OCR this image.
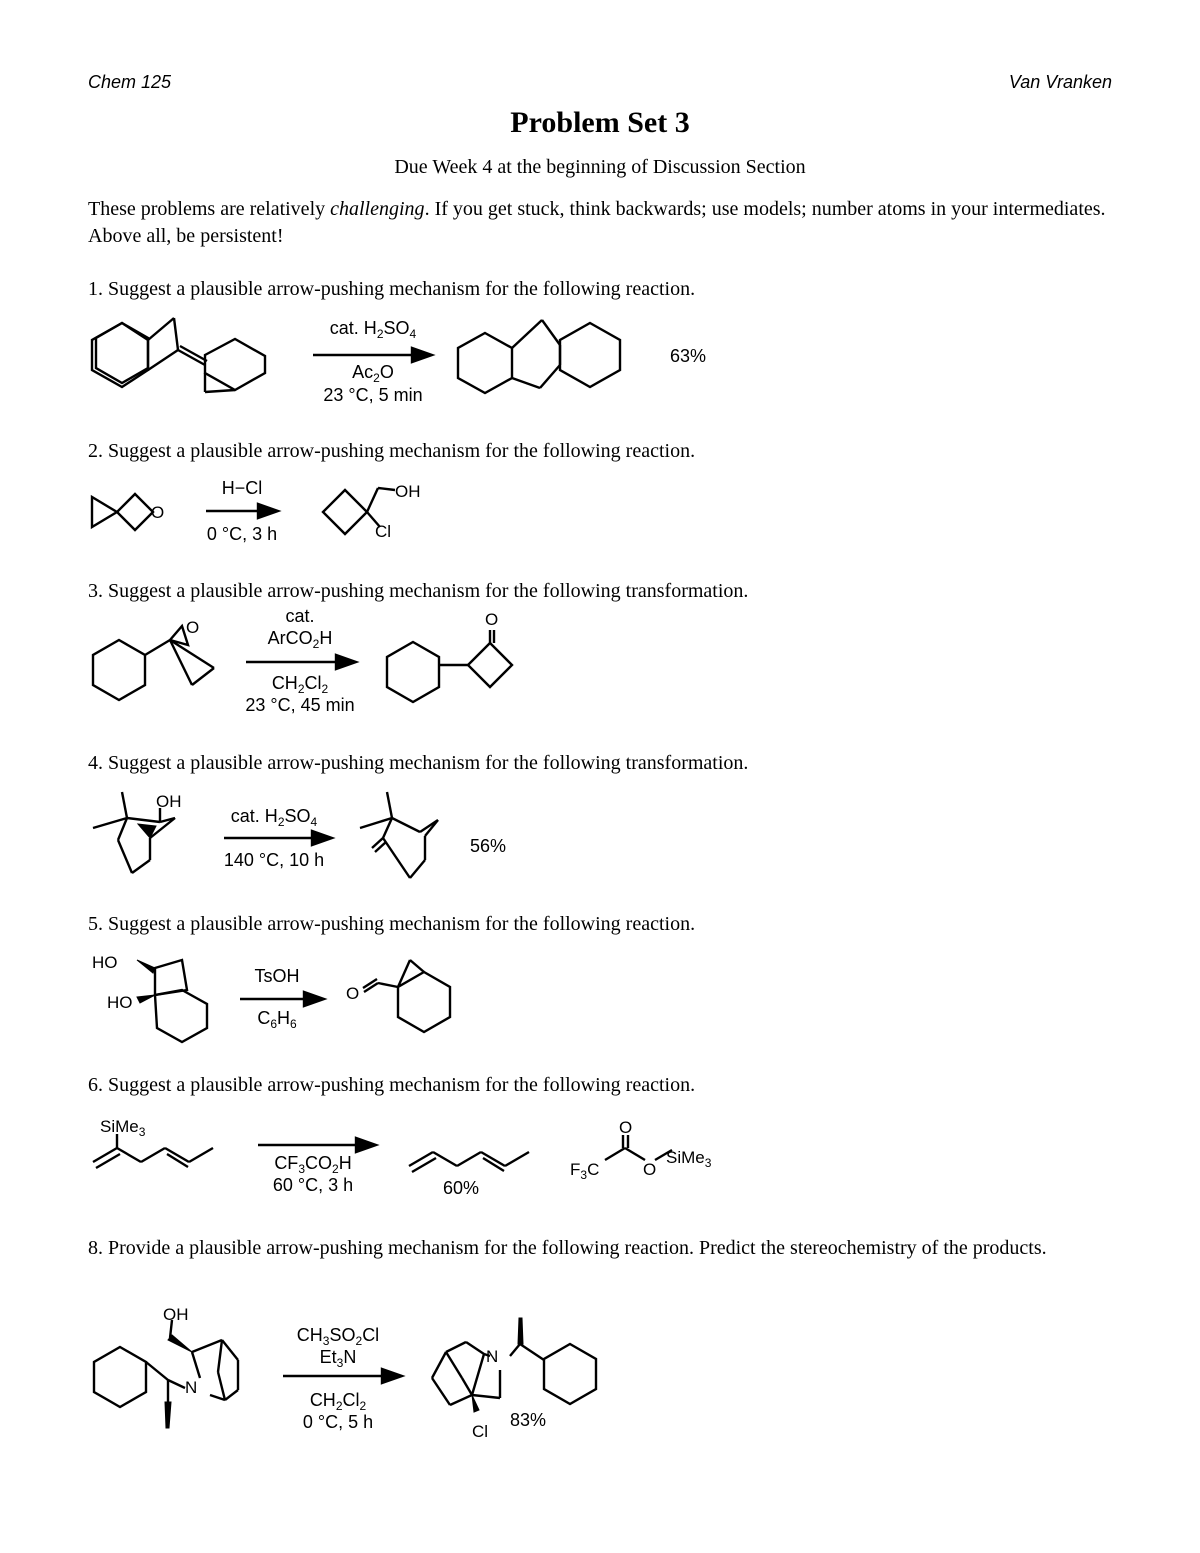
Chem 125	Van Vranken
Problem Set 3
Due Week 4 at the beginning of Discussion Section
These problems are relatively challenging. If you get stuck, think backwards; use models; number atoms in your intermediates. Above all, be persistent!
1. Suggest a plausible arrow-pushing mechanism for the following reaction.
2. Suggest a plausible arrow-pushing mechanism for the following reaction.
3. Suggest a plausible arrow-pushing mechanism for the following transformation.
4. Suggest a plausible arrow-pushing mechanism for the following transformation.
5. Suggest a plausible arrow-pushing mechanism for the following reaction.
6. Suggest a plausible arrow-pushing mechanism for the following reaction.
8. Provide a plausible arrow-pushing mechanism for the following reaction. Predict the stereochemistry of the products.
cat. $H_2SO_4$
$Ac_2O$
23 °C, 5 min
63%
H−Cl
0 °C, 3 h
O
OH
Cl
cat.
ArCO$_2$H
$CH_2Cl_2$
23 °C, 45 min
O	O
cat. $H_2SO_4$
140 °C, 10 h
56%
OH
TsOH
$C_6H_6$
HO
HO	O
$CF_3CO_2H$
60 °C, 3 h	60%
SiMe$_3$	O
O
$F_3C$
SiMe$_3$
$CH_3SO_2Cl$
$Et_3N$
$CH_2Cl_2$
0 °C, 5 h	83%
OH
N
N
Cl
